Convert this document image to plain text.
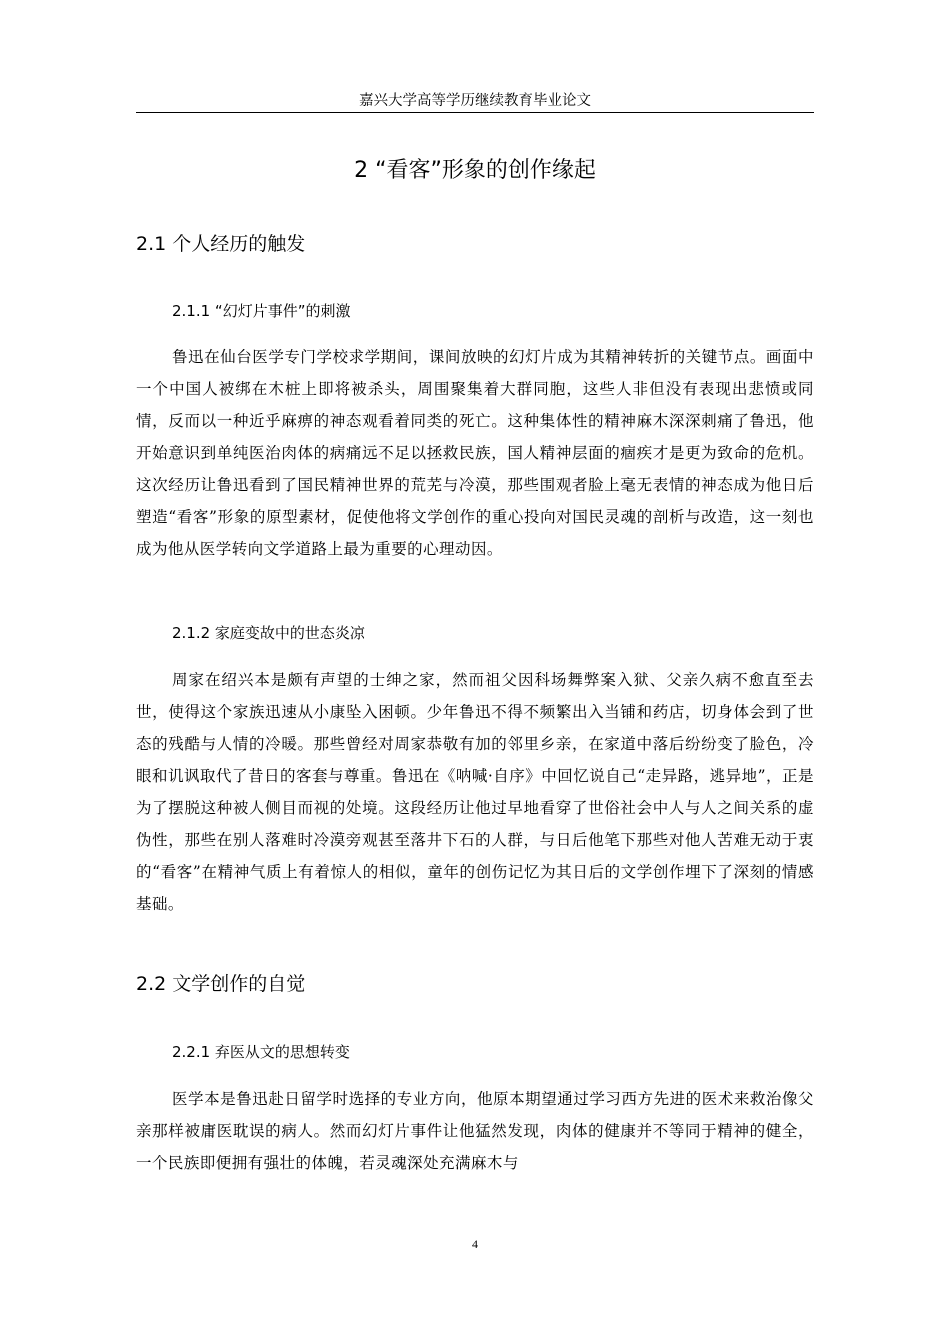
嘉兴大学高等学历继续教育毕业论文
2 “看客”形象的创作缘起
2.1 个人经历的触发
2.1.1 “幻灯片事件”的刺激

鲁迅在仙台医学专门学校求学期间，课间放映的幻灯片成为其精神转折的关键节点。画面中一个中国人被绑在木桩上即将被杀头，周围聚集着大群同胞，这些人非但没有表现出悲愤或同情，反而以一种近乎麻痹的神态观看着同类的死亡。这种集体性的精神麻木深深刺痛了鲁迅，他开始意识到单纯医治肉体的病痛远不足以拯救民族，国人精神层面的痼疾才是更为致命的危机。这次经历让鲁迅看到了国民精神世界的荒芜与冷漠，那些围观者脸上毫无表情的神态成为他日后塑造“看客”形象的原型素材，促使他将文学创作的重心投向对国民灵魂的剖析与改造，这一刻也成为他从医学转向文学道路上最为重要的心理动因。

2.1.2 家庭变故中的世态炎凉

周家在绍兴本是颇有声望的士绅之家，然而祖父因科场舞弊案入狱、父亲久病不愈直至去世，使得这个家族迅速从小康坠入困顿。少年鲁迅不得不频繁出入当铺和药店，切身体会到了世态的残酷与人情的冷暖。那些曾经对周家恭敬有加的邻里乡亲，在家道中落后纷纷变了脸色，冷眼和讥讽取代了昔日的客套与尊重。鲁迅在《呐喊·自序》中回忆说自己“走异路，逃异地”，正是为了摆脱这种被人侧目而视的处境。这段经历让他过早地看穿了世俗社会中人与人之间关系的虚伪性，那些在别人落难时冷漠旁观甚至落井下石的人群，与日后他笔下那些对他人苦难无动于衷的“看客”在精神气质上有着惊人的相似，童年的创伤记忆为其日后的文学创作埋下了深刻的情感基础。

2.2 文学创作的自觉
2.2.1 弃医从文的思想转变

医学本是鲁迅赴日留学时选择的专业方向，他原本期望通过学习西方先进的医术来救治像父亲那样被庸医耽误的病人。然而幻灯片事件让他猛然发现，肉体的健康并不等同于精神的健全，一个民族即便拥有强壮的体魄，若灵魂深处充满麻木与

4
